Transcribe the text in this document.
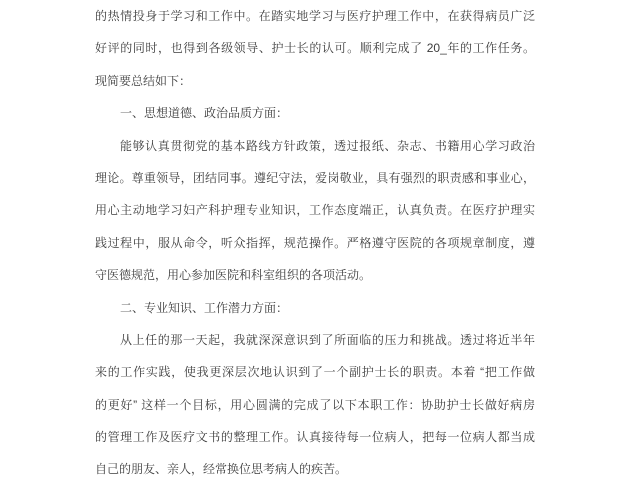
的热情投身于学习和工作中。在踏实地学习与医疗护理工作中，在获得病员广泛
好评的同时，也得到各级领导、护士长的认可。顺利完成了 20_年的工作任务。
现简要总结如下：
一、思想道德、政治品质方面：
能够认真贯彻党的基本路线方针政策，透过报纸、杂志、书籍用心学习政治
理论。尊重领导，团结同事。遵纪守法，爱岗敬业，具有强烈的职责感和事业心，
用心主动地学习妇产科护理专业知识，工作态度端正，认真负责。在医疗护理实
践过程中，服从命令，听众指挥，规范操作。严格遵守医院的各项规章制度，遵
守医德规范，用心参加医院和科室组织的各项活动。
二、专业知识、工作潜力方面：
从上任的那一天起，我就深深意识到了所面临的压力和挑战。透过将近半年
来的工作实践，使我更深层次地认识到了一个副护士长的职责。本着 “把工作做
的更好” 这样一个目标，用心圆满的完成了以下本职工作：协助护士长做好病房
的管理工作及医疗文书的整理工作。认真接待每一位病人，把每一位病人都当成
自己的朋友、亲人，经常换位思考病人的疾苦。
